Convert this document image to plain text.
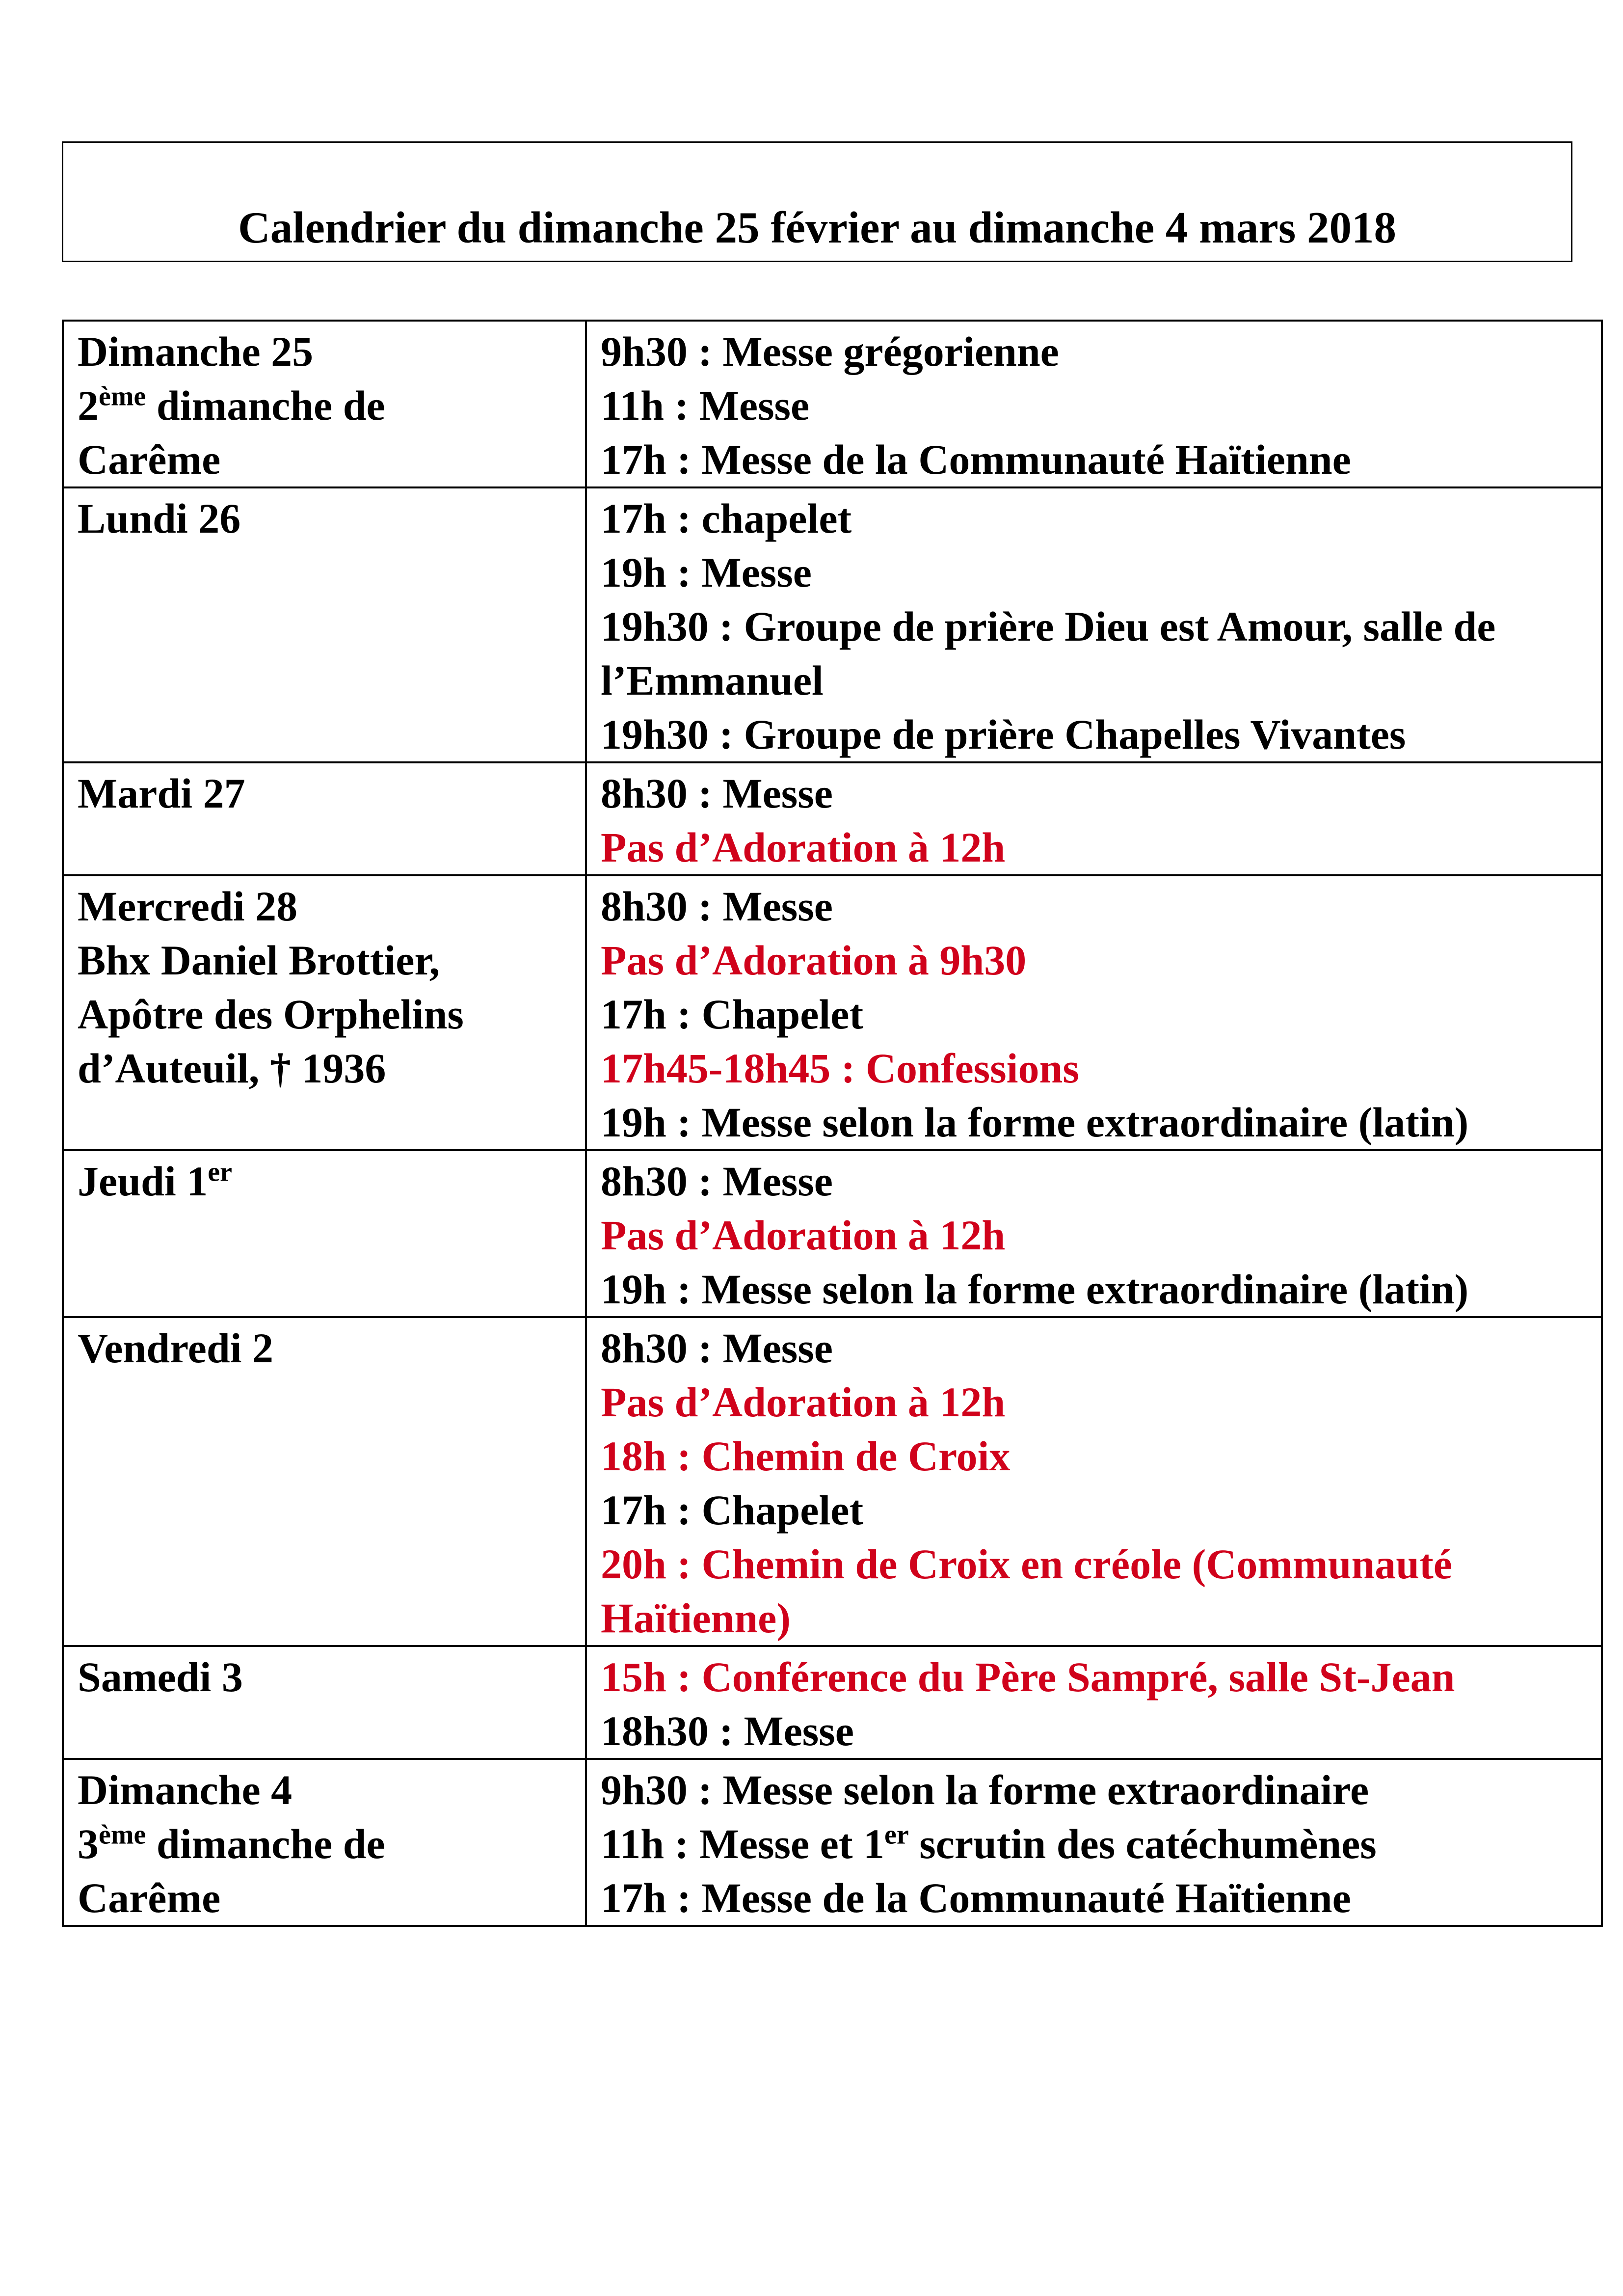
Calendrier du dimanche 25 février au dimanche 4 mars 2018
Dimanche 25
2ème dimanche de
Carême	9h30 : Messe grégorienne
11h : Messe
17h : Messe de la Communauté Haïtienne

Lundi 26	17h : chapelet
19h : Messe
19h30 : Groupe de prière Dieu est Amour, salle de l’Emmanuel
19h30 : Groupe de prière Chapelles Vivantes

Mardi 27	8h30 : Messe
Pas d’Adoration à 12h

Mercredi 28
Bhx Daniel Brottier,
Apôtre des Orphelins
d’Auteuil, † 1936	8h30 : Messe
Pas d’Adoration à 9h30
17h : Chapelet
17h45-18h45 : Confessions
19h : Messe selon la forme extraordinaire (latin)

Jeudi 1er	8h30 : Messe
Pas d’Adoration à 12h
19h : Messe selon la forme extraordinaire (latin)

Vendredi 2	8h30 : Messe
Pas d’Adoration à 12h
18h : Chemin de Croix
17h : Chapelet
20h : Chemin de Croix en créole (Communauté Haïtienne)

Samedi 3	15h : Conférence du Père Sampré, salle St-Jean
18h30 : Messe

Dimanche 4
3ème dimanche de
Carême	9h30 : Messe selon la forme extraordinaire
11h : Messe et 1er scrutin des catéchumènes
17h : Messe de la Communauté Haïtienne
